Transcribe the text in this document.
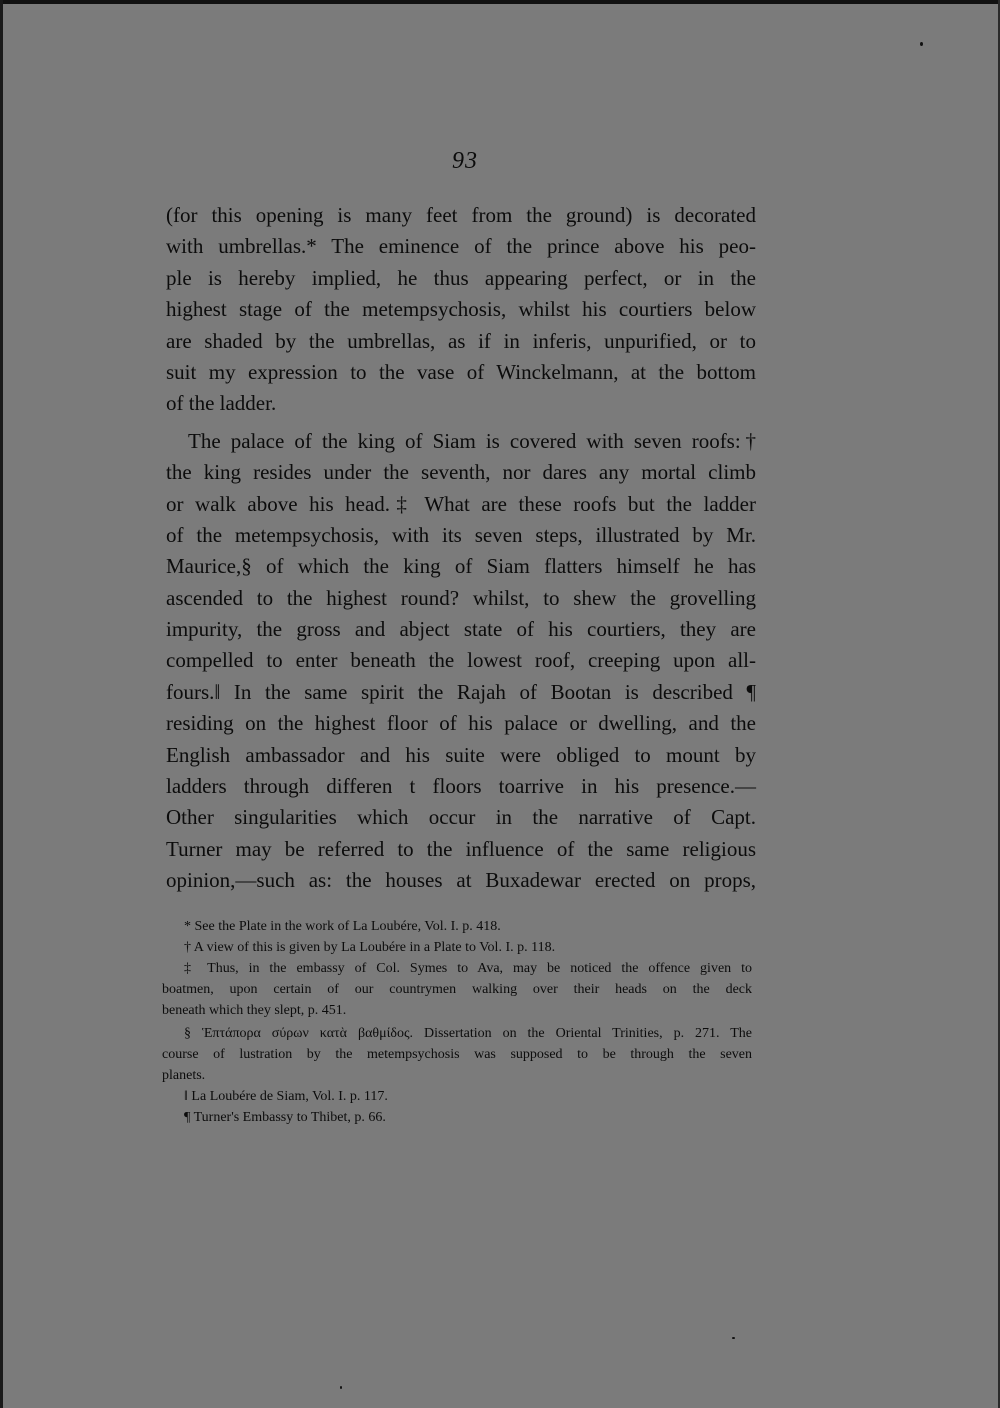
93
(for this opening is many feet from the ground) is decorated
with umbrellas.* The eminence of the prince above his peo-
ple is hereby implied, he thus appearing perfect, or in the
highest stage of the metempsychosis, whilst his courtiers below
are shaded by the umbrellas, as if in inferis, unpurified, or to
suit my expression to the vase of Winckelmann, at the bottom
of the ladder.
The palace of the king of Siam is covered with seven roofs:†
the king resides under the seventh, nor dares any mortal climb
or walk above his head.‡ What are these roofs but the ladder
of the metempsychosis, with its seven steps, illustrated by Mr.
Maurice,§ of which the king of Siam flatters himself he has
ascended to the highest round? whilst, to shew the grovelling
impurity, the gross and abject state of his courtiers, they are
compelled to enter beneath the lowest roof, creeping upon all-
fours.‖ In the same spirit the Rajah of Bootan is described ¶
residing on the highest floor of his palace or dwelling, and the
English ambassador and his suite were obliged to mount by
ladders through differen t floors toarrive in his presence.—
Other singularities which occur in the narrative of Capt.
Turner may be referred to the influence of the same religious
opinion,—such as: the houses at Buxadewar erected on props,
* See the Plate in the work of La Loubére, Vol. I. p. 418.
† A view of this is given by La Loubére in a Plate to Vol. I. p. 118.
‡ Thus, in the embassy of Col. Symes to Ava, may be noticed the offence given to
boatmen, upon certain of our countrymen walking over their heads on the deck
beneath which they slept, p. 451.
§ Ἑπτάπορα σύρων κατὰ βαθμίδος. Dissertation on the Oriental Trinities, p. 271. The
course of lustration by the metempsychosis was supposed to be through the seven
planets.
‖ La Loubére de Siam, Vol. I. p. 117.
¶ Turner's Embassy to Thibet, p. 66.
